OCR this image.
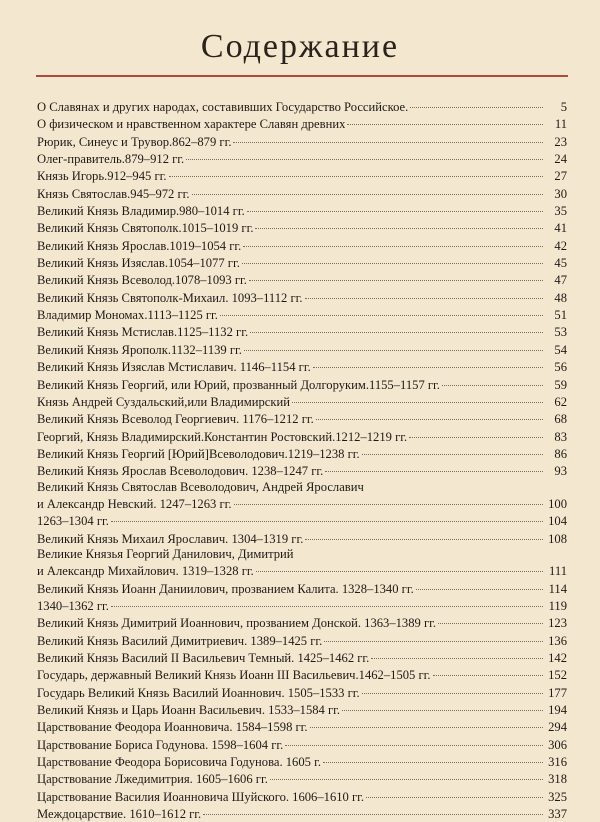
Содержание
О Славянах и других народах, составивших Государство Российское.	5
О физическом и нравственном характере Славян древних	11
Рюрик, Синеус и Трувор.862–879 гг.	23
Олег-правитель.879–912 гг.	24
Князь Игорь.912–945 гг.	27
Князь Святослав.945–972 гг.	30
Великий Князь Владимир.980–1014 гг.	35
Великий Князь Святополк.1015–1019 гг.	41
Великий Князь Ярослав.1019–1054 гг.	42
Великий Князь Изяслав.1054–1077 гг.	45
Великий Князь Всеволод.1078–1093 гг.	47
Великий Князь Святополк-Михаил. 1093–1112 гг.	48
Владимир Мономах.1113–1125 гг.	51
Великий Князь Мстислав.1125–1132 гг.	53
Великий Князь Ярополк.1132–1139 гг.	54
Великий Князь Изяслав Мстиславич. 1146–1154 гг.	56
Великий Князь Георгий, или Юрий, прозванный Долгоруким.1155–1157 гг.	59
Князь Андрей Суздальский,или Владимирский	62
Великий Князь Всеволод Георгиевич. 1176–1212 гг.	68
Георгий, Князь Владимирский.Константин Ростовский.1212–1219 гг.	83
Великий Князь Георгий [Юрий]Всеволодович.1219–1238 гг.	86
Великий Князь Ярослав Всеволодович. 1238–1247 гг.	93
Великий Князь Святослав Всеволодович, Андрей Ярославич
и Александр Невский. 1247–1263 гг.	100
1263–1304 гг.	104
Великий Князь Михаил Ярославич. 1304–1319 гг.	108
Великие Князья Георгий Данилович, Димитрий
и Александр Михайлович. 1319–1328 гг.	111
Великий Князь Иоанн Даниилович, прозванием Калита. 1328–1340 гг.	114
1340–1362 гг.	119
Великий Князь Димитрий Иоаннович, прозванием Донской. 1363–1389 гг.	123
Великий Князь Василий Димитриевич. 1389–1425 гг.	136
Великий Князь Василий II Васильевич Темный. 1425–1462 гг.	142
Государь, державный Великий Князь Иоанн III Васильевич.1462–1505 гг.	152
Государь Великий Князь Василий Иоаннович. 1505–1533 гг.	177
Великий Князь и Царь Иоанн Васильевич. 1533–1584 гг.	194
Царствование Феодора Иоанновича. 1584–1598 гг.	294
Царствование Бориса Годунова. 1598–1604 гг.	306
Царствование Феодора Борисовича Годунова. 1605 г.	316
Царствование Лжедимитрия. 1605–1606 гг.	318
Царствование Василия Иоанновича Шуйского. 1606–1610 гг.	325
Междоцарствие. 1610–1612 гг.	337
